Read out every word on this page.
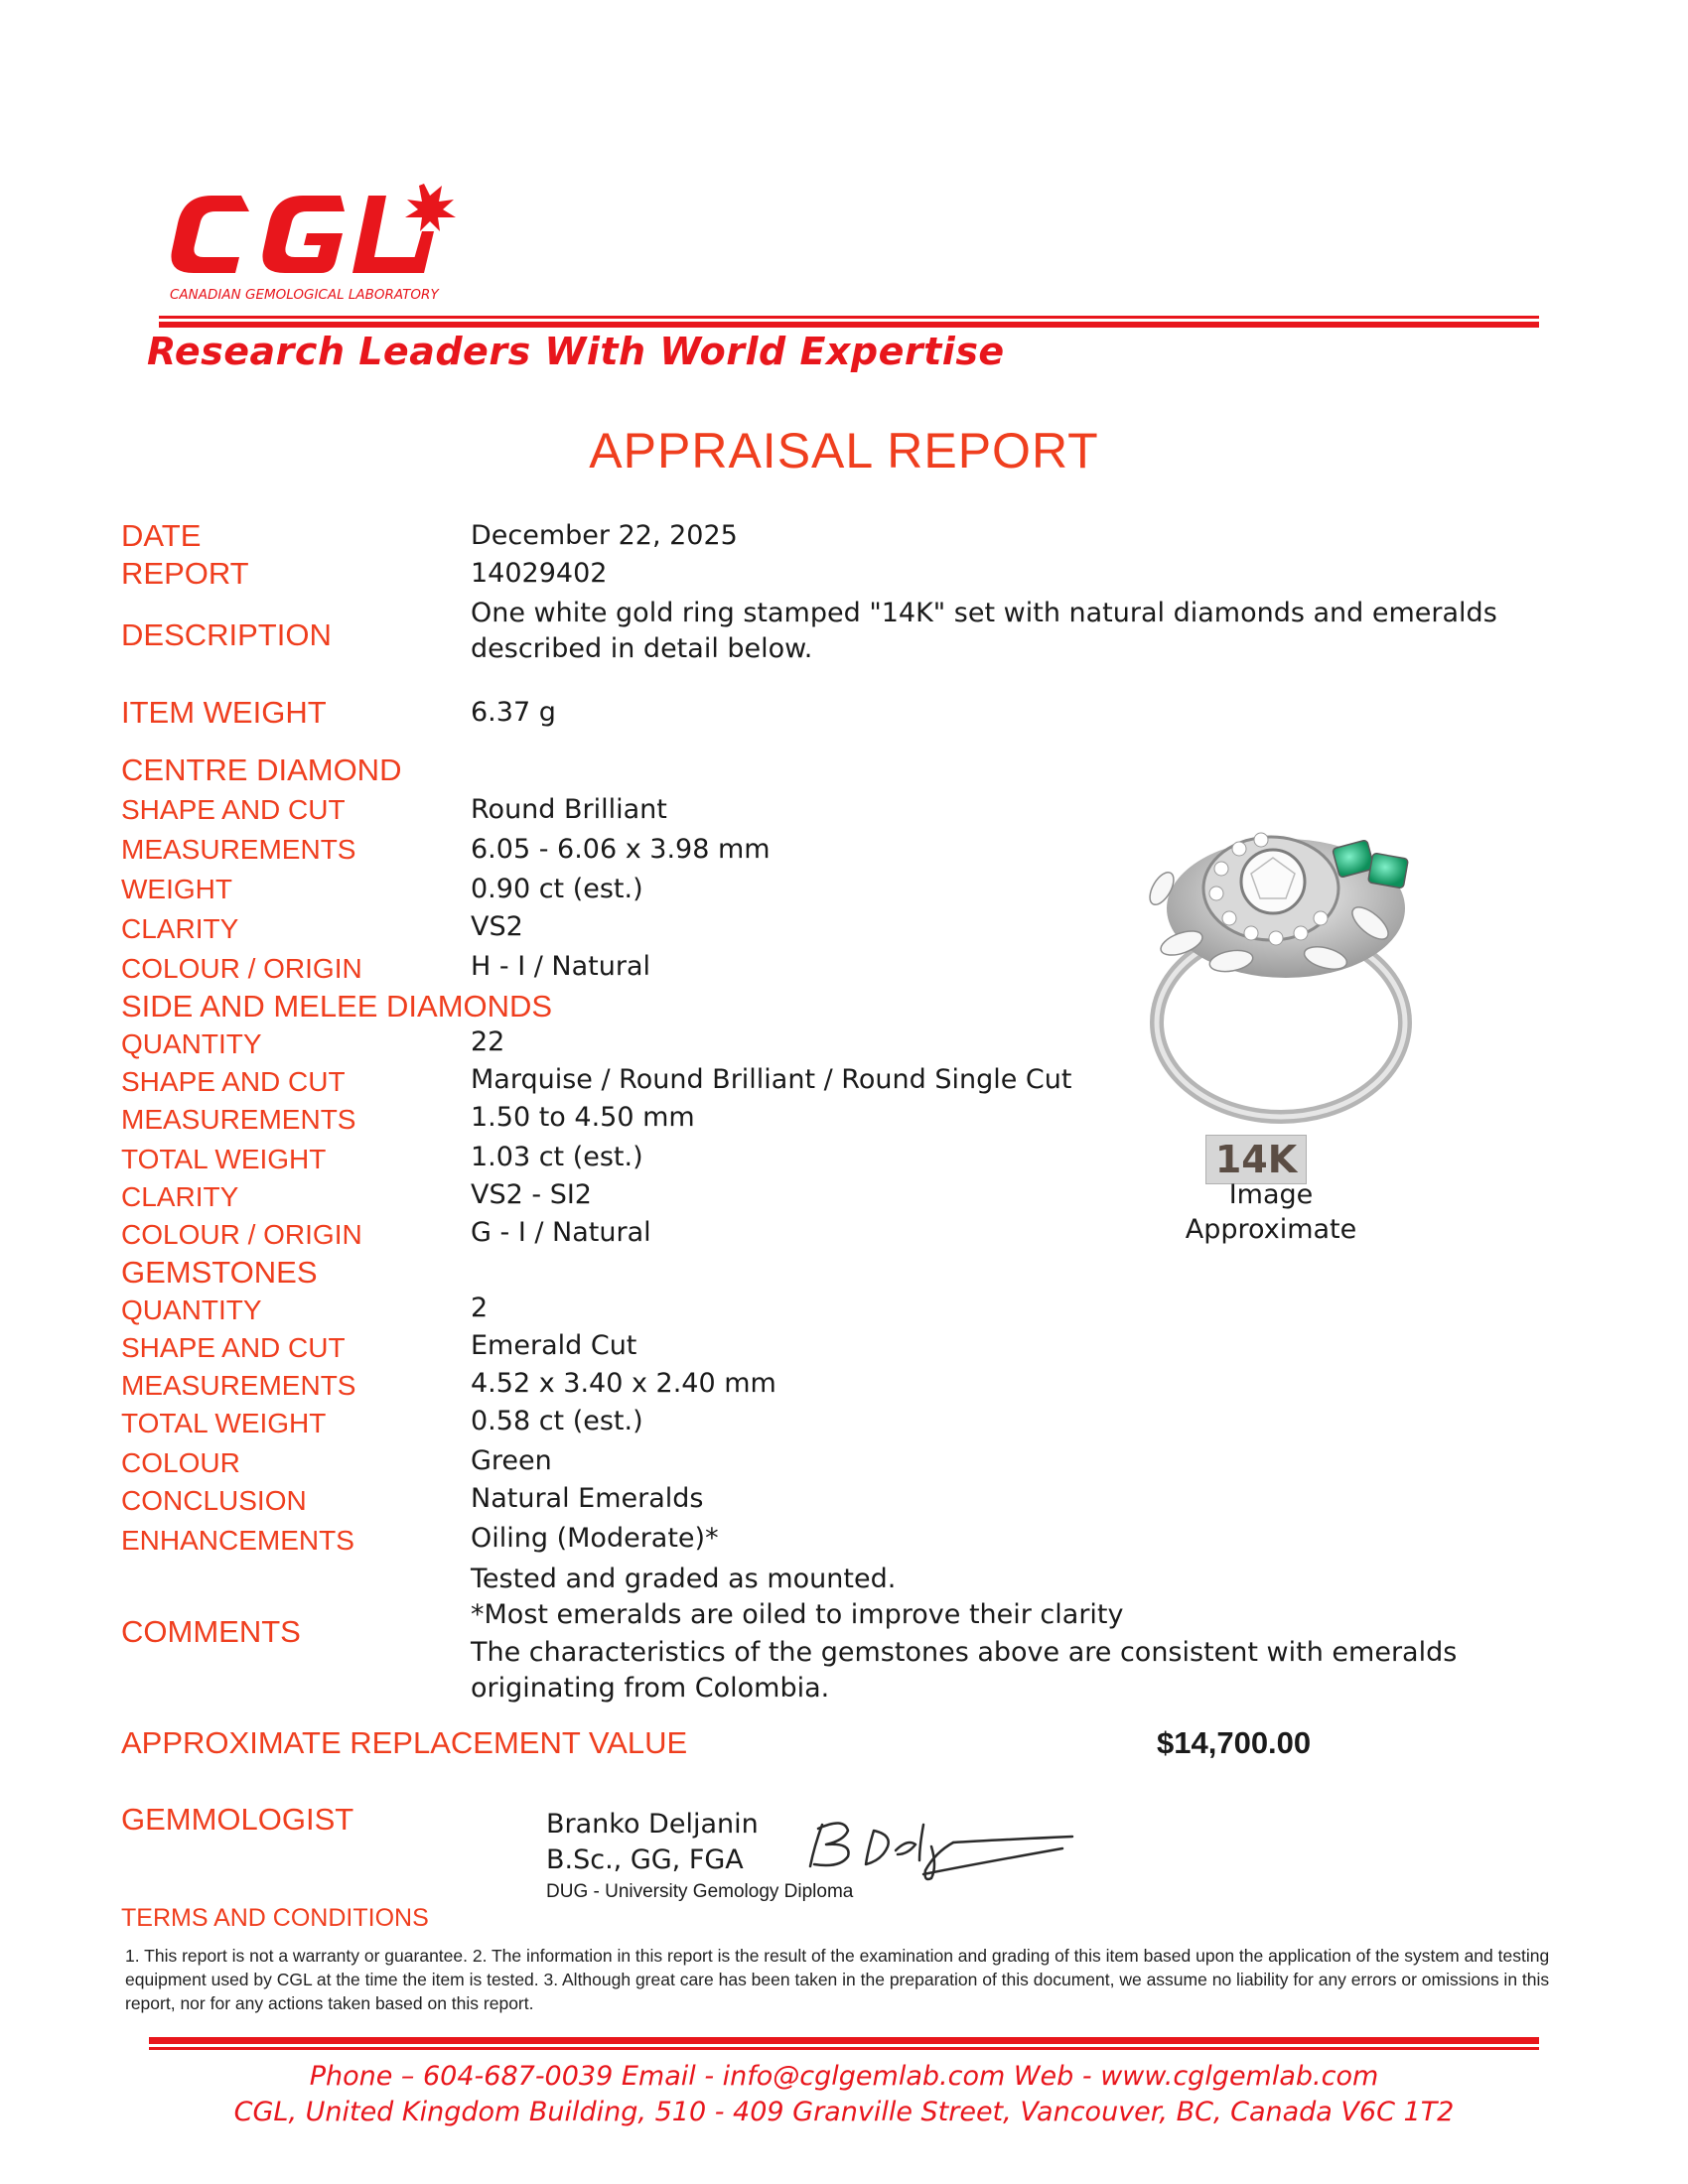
CANADIAN GEMOLOGICAL LABORATORY
Research Leaders With World Expertise
APPRAISAL REPORT
DATE	December 22, 2025
REPORT	14029402
DESCRIPTION
One white gold ring stamped "14K" set with natural diamonds and emeralds described in detail below.
ITEM WEIGHT	6.37 g
CENTRE DIAMOND
SHAPE AND CUT	Round Brilliant
MEASUREMENTS	6.05 - 6.06 x 3.98 mm
WEIGHT	0.90 ct (est.)
CLARITY	VS2
COLOUR / ORIGIN	H - I / Natural
SIDE AND MELEE DIAMONDS
QUANTITY	22
SHAPE AND CUT	Marquise / Round Brilliant / Round Single Cut
MEASUREMENTS	1.50 to 4.50 mm
TOTAL WEIGHT	1.03 ct (est.)
CLARITY	VS2 - SI2
COLOUR / ORIGIN	G - I / Natural
GEMSTONES
QUANTITY	2
SHAPE AND CUT	Emerald Cut
MEASUREMENTS	4.52 x 3.40 x 2.40 mm
TOTAL WEIGHT	0.58 ct (est.)
COLOUR	Green
CONCLUSION	Natural Emeralds
ENHANCEMENTS	Oiling (Moderate)*
COMMENTS
Tested and graded as mounted.
*Most emeralds are oiled to improve their clarity
The characteristics of the gemstones above are consistent with emeralds originating from Colombia.
APPROXIMATE REPLACEMENT VALUE	$14,700.00
14K
Image
Approximate
GEMMOLOGIST	Branko Deljanin
B.Sc., GG, FGA
DUG - University Gemology Diploma
TERMS AND CONDITIONS
1. This report is not a warranty or guarantee. 2. The information in this report is the result of the examination and grading of this item based upon the application of the system and testing equipment used by CGL at the time the item is tested. 3. Although great care has been taken in the preparation of this document, we assume no liability for any errors or omissions in this report, nor for any actions taken based on this report.
Phone – 604-687-0039 Email - info@cglgemlab.com Web - www.cglgemlab.com
CGL, United Kingdom Building, 510 - 409 Granville Street, Vancouver, BC, Canada V6C 1T2
